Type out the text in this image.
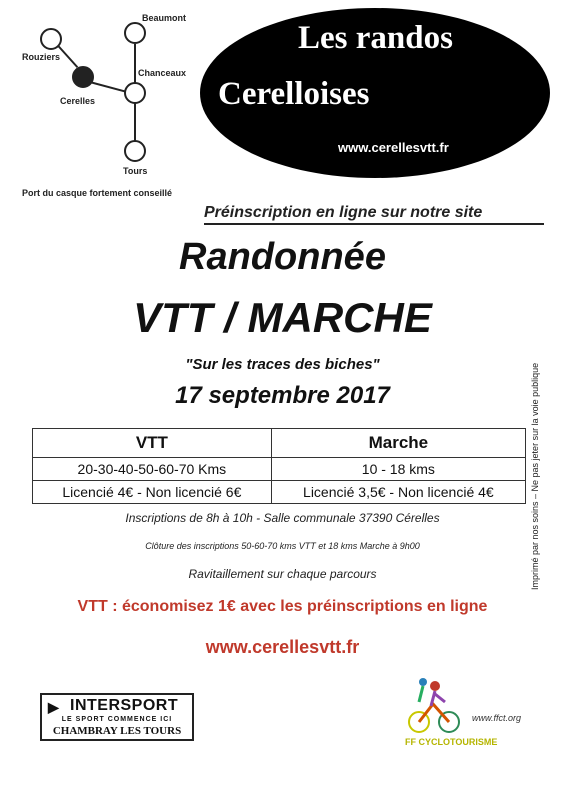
Rouziers
Beaumont
Chanceaux
Cerelles
Tours
Port du casque fortement conseillé
Les randos
Cerelloises
www.cerellesvtt.fr
Préinscription en ligne sur notre site
Randonnée
VTT / MARCHE
"Sur les traces des biches"
17 septembre 2017
VTT	Marche
20-30-40-50-60-70 Kms	10 - 18 kms
Licencié 4€ - Non licencié 6€	Licencié 3,5€ - Non licencié 4€
Inscriptions de 8h à 10h - Salle communale 37390 Cérelles
Clôture des inscriptions 50-60-70 kms VTT et 18 kms Marche à 9h00
Ravitaillement sur chaque parcours
VTT : économisez 1€ avec les préinscriptions en ligne
www.cerellesvtt.fr
Imprimé par nos soins – Ne pas jeter sur la voie publique
▶ INTERSPORT
LE SPORT COMMENCE ICI
CHAMBRAY LES TOURS
www.ffct.org
FF CYCLOTOURISME
